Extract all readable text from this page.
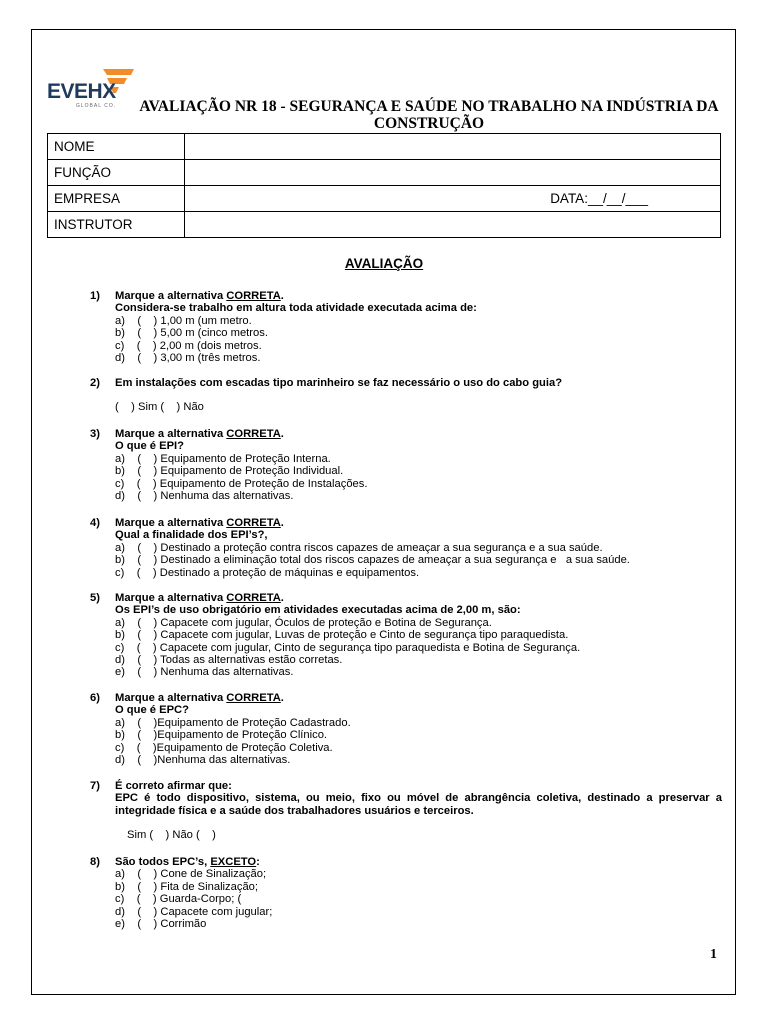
EVEHX
GLOBAL CO.	AVALIAÇÃO NR 18 - SEGURANÇA E SAÚDE NO TRABALHO NA INDÚSTRIA DA CONSTRUÇÃO
NOME	
FUNÇÃO	
EMPRESA	DATA:__/__/___
INSTRUTOR	
AVALIAÇÃO
1) Marque a alternativa CORRETA.
Considera-se trabalho em altura toda atividade executada acima de:
a)    (    ) 1,00 m (um metro.
b)    (    ) 5,00 m (cinco metros.
c)    (    ) 2,00 m (dois metros.
d)    (    ) 3,00 m (três metros.
2) Em instalações com escadas tipo marinheiro se faz necessário o uso do cabo guia?
(    ) Sim (    ) Não
3) Marque a alternativa CORRETA.
O que é EPI?
a)    (    ) Equipamento de Proteção Interna.
b)    (    ) Equipamento de Proteção Individual.
c)    (    ) Equipamento de Proteção de Instalações.
d)    (    ) Nenhuma das alternativas.
4) Marque a alternativa CORRETA.
Qual a finalidade dos EPI’s?,
a)    (    ) Destinado a proteção contra riscos capazes de ameaçar a sua segurança e a sua saúde.
b)    (    ) Destinado a eliminação total dos riscos capazes de ameaçar a sua segurança e   a sua saúde.
c)    (    ) Destinado a proteção de máquinas e equipamentos.
5) Marque a alternativa CORRETA.
Os EPI’s de uso obrigatório em atividades executadas acima de 2,00 m, são:
a)    (    ) Capacete com jugular, Óculos de proteção e Botina de Segurança.
b)    (    ) Capacete com jugular, Luvas de proteção e Cinto de segurança tipo paraquedista.
c)    (    ) Capacete com jugular, Cinto de segurança tipo paraquedista e Botina de Segurança.
d)    (    ) Todas as alternativas estão corretas.
e)    (    ) Nenhuma das alternativas.
6) Marque a alternativa CORRETA.
O que é EPC?
a)    (    )Equipamento de Proteção Cadastrado.
b)    (    )Equipamento de Proteção Clínico.
c)    (    )Equipamento de Proteção Coletiva.
d)    (    )Nenhuma das alternativas.
7) É correto afirmar que:
EPC é todo dispositivo, sistema, ou meio, fixo ou móvel de abrangência coletiva, destinado a preservar a integridade física e a saúde dos trabalhadores usuários e terceiros.
Sim (    ) Não (    )
8) São todos EPC’s, EXCETO:
a)    (    ) Cone de Sinalização;
b)    (    ) Fita de Sinalização;
c)    (    ) Guarda-Corpo; (
d)    (    ) Capacete com jugular;
e)    (    ) Corrimão
1
